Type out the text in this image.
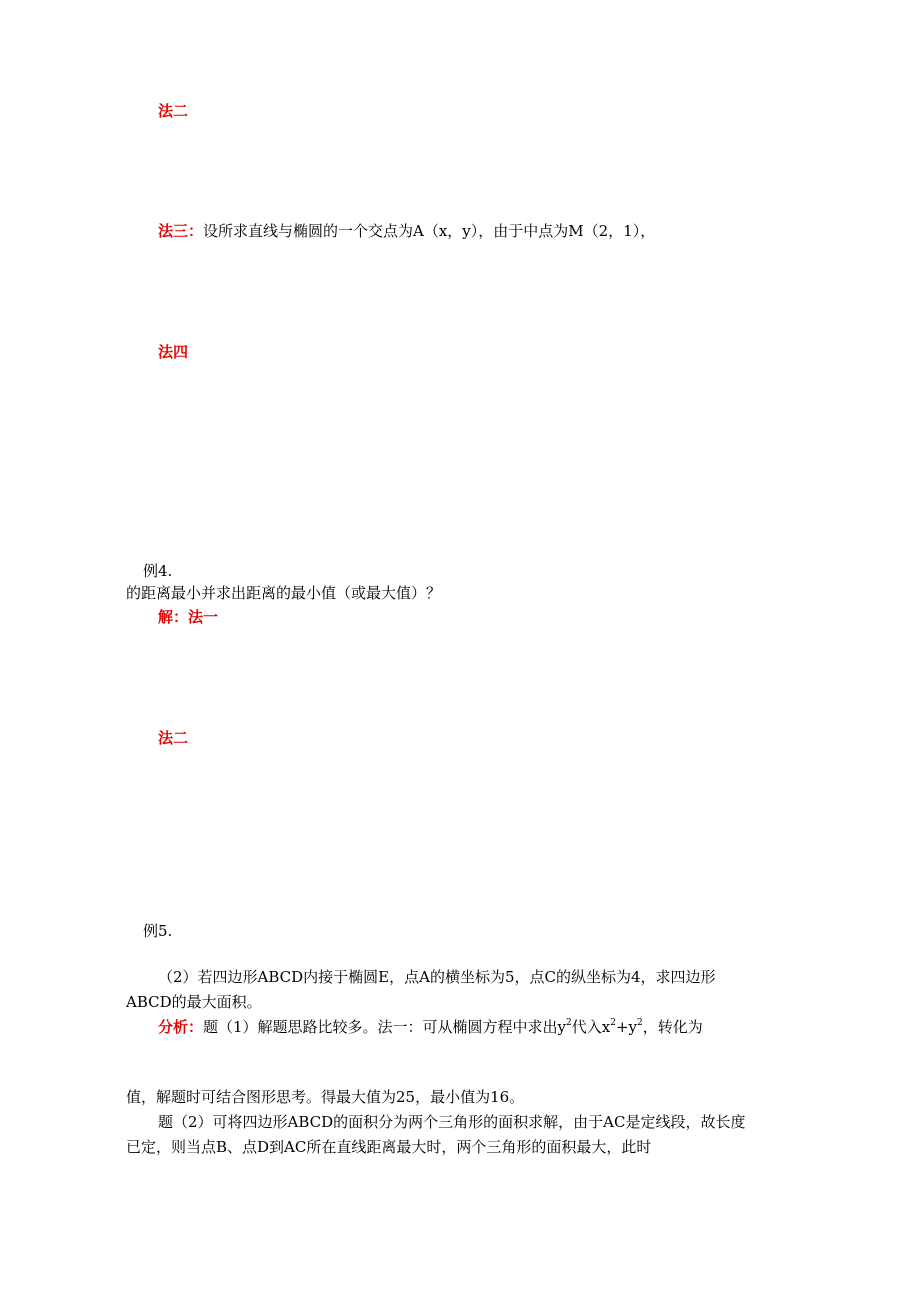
法二
法三：设所求直线与椭圆的一个交点为A（x，y），由于中点为M（2，1），
法四
例4.
的距离最小并求出距离的最小值（或最大值）？
解：法一
法二
例5.
（2）若四边形ABCD内接于椭圆E，点A的横坐标为5，点C的纵坐标为4，求四边形
ABCD的最大面积。
分析：题（1）解题思路比较多。法一：可从椭圆方程中求出$y^2$代入$x^2+y^2$，转化为
值，解题时可结合图形思考。得最大值为25，最小值为16。
题（2）可将四边形ABCD的面积分为两个三角形的面积求解，由于AC是定线段，故长度
已定，则当点B、点D到AC所在直线距离最大时，两个三角形的面积最大，此时
